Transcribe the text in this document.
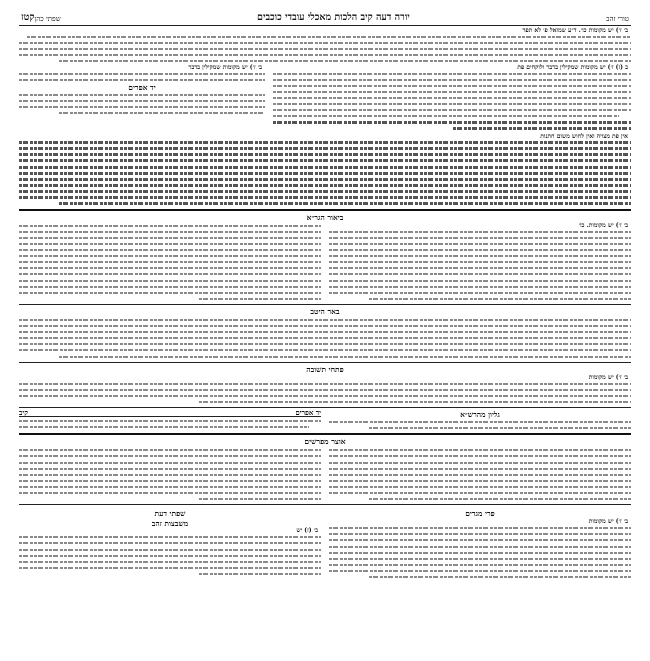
טורי זהב
יורה דעה קיב הלכות מאכלי עובדי כוכבים
שפתי כהן
קטז
ב׳ ז׳) יש מקומות כו׳. ד״ע שמואל פ׳ לא תפר
ב (ז) ז׳) יש מקומות שמקילין בדבר ולוקחים פת
ב׳ ז׳) יש מקומות שמקילין בדבר
יד אפרים
אין פת מצויה ואין לחוש משום חתנות
ביאור הגר״א
ב׳ ז׳) יש מקומות. כו׳
באר היטב
פתחי תשובה
ב׳ ז׳) יש מקומות
גליון מהרש״א
יד אפרים
קיב
אוצר מפרשים
פרי מגדים
שפתי דעת
ב׳ ז׳) יש מקומות
משבצות זהב
ב׳ (ז) יש
